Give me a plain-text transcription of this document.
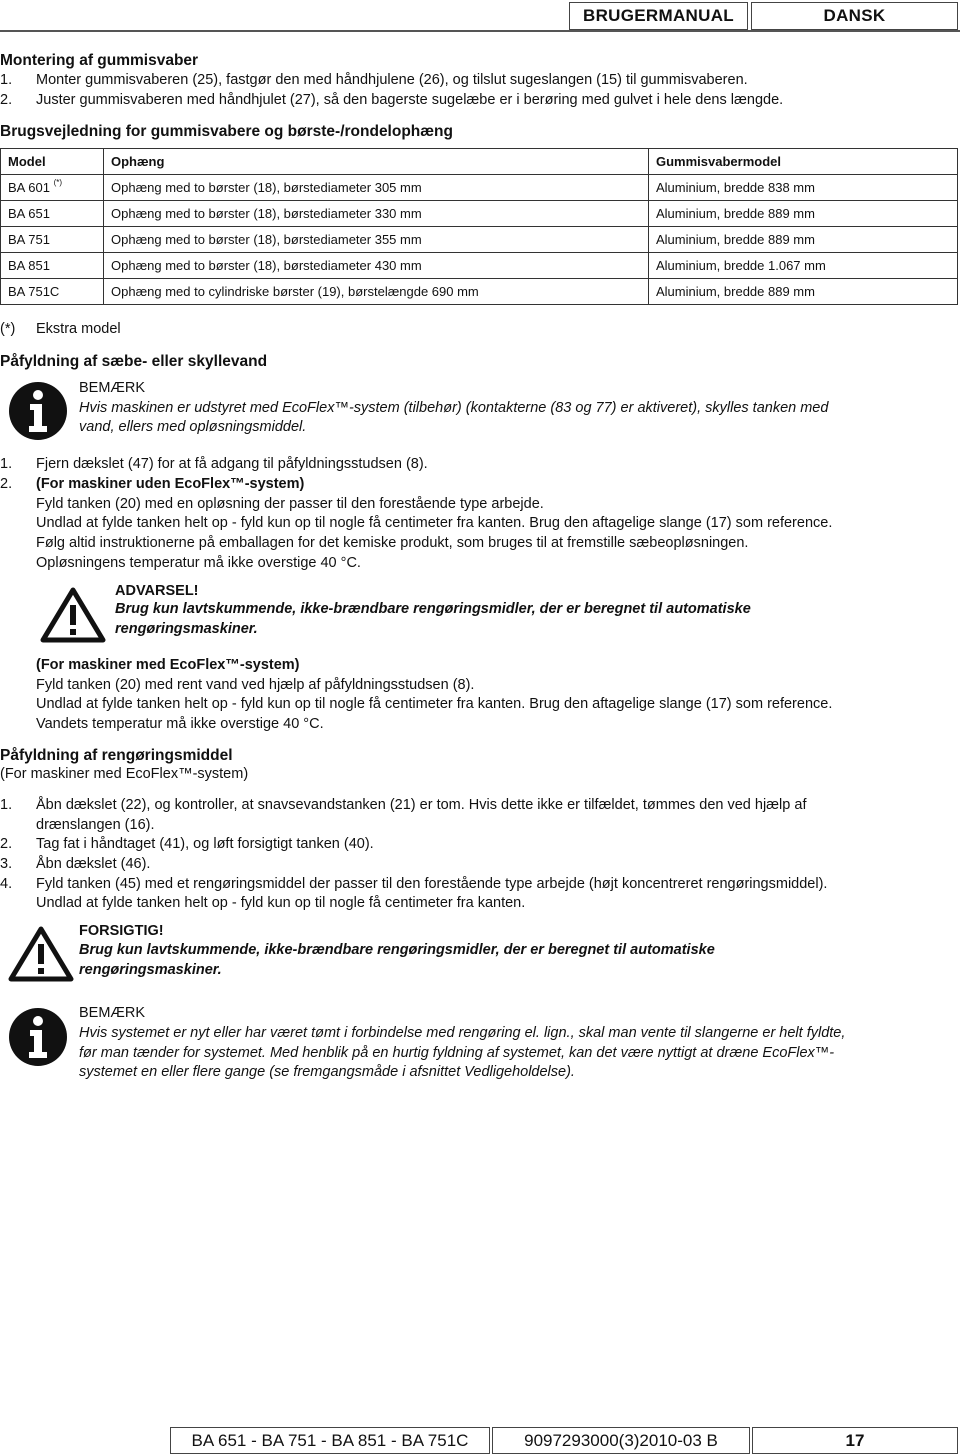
BRUGERMANUAL	DANSK
Montering af gummisvaber
1. Monter gummisvaberen (25), fastgør den med håndhjulene (26), og tilslut sugeslangen (15) til gummisvaberen.
2. Juster gummisvaberen med håndhjulet (27), så den bagerste sugelæbe er i berøring med gulvet i hele dens længde.
Brugsvejledning for gummisvabere og børste-/rondelophæng
Model	Ophæng	Gummisvabermodel
BA 601 (*)	Ophæng med to børster (18), børstediameter 305 mm	Aluminium, bredde 838 mm
BA 651	Ophæng med to børster (18), børstediameter 330 mm	Aluminium, bredde 889 mm
BA 751	Ophæng med to børster (18), børstediameter 355 mm	Aluminium, bredde 889 mm
BA 851	Ophæng med to børster (18), børstediameter 430 mm	Aluminium, bredde 1.067 mm
BA 751C	Ophæng med to cylindriske børster (19), børstelængde 690 mm	Aluminium, bredde 889 mm
(*) Ekstra model
Påfyldning af sæbe- eller skyllevand
BEMÆRK
Hvis maskinen er udstyret med EcoFlex™-system (tilbehør) (kontakterne (83 og 77) er aktiveret), skylles tanken med
vand, ellers med opløsningsmiddel.
1. Fjern dækslet (47) for at få adgang til påfyldningsstudsen (8).
2. (For maskiner uden EcoFlex™-system)
Fyld tanken (20) med en opløsning der passer til den forestående type arbejde.
Undlad at fylde tanken helt op - fyld kun op til nogle få centimeter fra kanten. Brug den aftagelige slange (17) som reference.
Følg altid instruktionerne på emballagen for det kemiske produkt, som bruges til at fremstille sæbeopløsningen.
Opløsningens temperatur må ikke overstige 40 °C.
ADVARSEL!
Brug kun lavtskummende, ikke-brændbare rengøringsmidler, der er beregnet til automatiske
rengøringsmaskiner.
(For maskiner med EcoFlex™-system)
Fyld tanken (20) med rent vand ved hjælp af påfyldningsstudsen (8).
Undlad at fylde tanken helt op - fyld kun op til nogle få centimeter fra kanten. Brug den aftagelige slange (17) som reference.
Vandets temperatur må ikke overstige 40 °C.
Påfyldning af rengøringsmiddel
(For maskiner med EcoFlex™-system)
1. Åbn dækslet (22), og kontroller, at snavsevandstanken (21) er tom. Hvis dette ikke er tilfældet, tømmes den ved hjælp af
drænslangen (16).
2. Tag fat i håndtaget (41), og løft forsigtigt tanken (40).
3. Åbn dækslet (46).
4. Fyld tanken (45) med et rengøringsmiddel der passer til den forestående type arbejde (højt koncentreret rengøringsmiddel).
Undlad at fylde tanken helt op - fyld kun op til nogle få centimeter fra kanten.
FORSIGTIG!
Brug kun lavtskummende, ikke-brændbare rengøringsmidler, der er beregnet til automatiske
rengøringsmaskiner.
BEMÆRK
Hvis systemet er nyt eller har været tømt i forbindelse med rengøring el. lign., skal man vente til slangerne er helt fyldte,
før man tænder for systemet. Med henblik på en hurtig fyldning af systemet, kan det være nyttigt at dræne EcoFlex™-
systemet en eller flere gange (se fremgangsmåde i afsnittet Vedligeholdelse).
BA 651 - BA 751 - BA 851 - BA 751C	9097293000(3)2010-03 B	17
